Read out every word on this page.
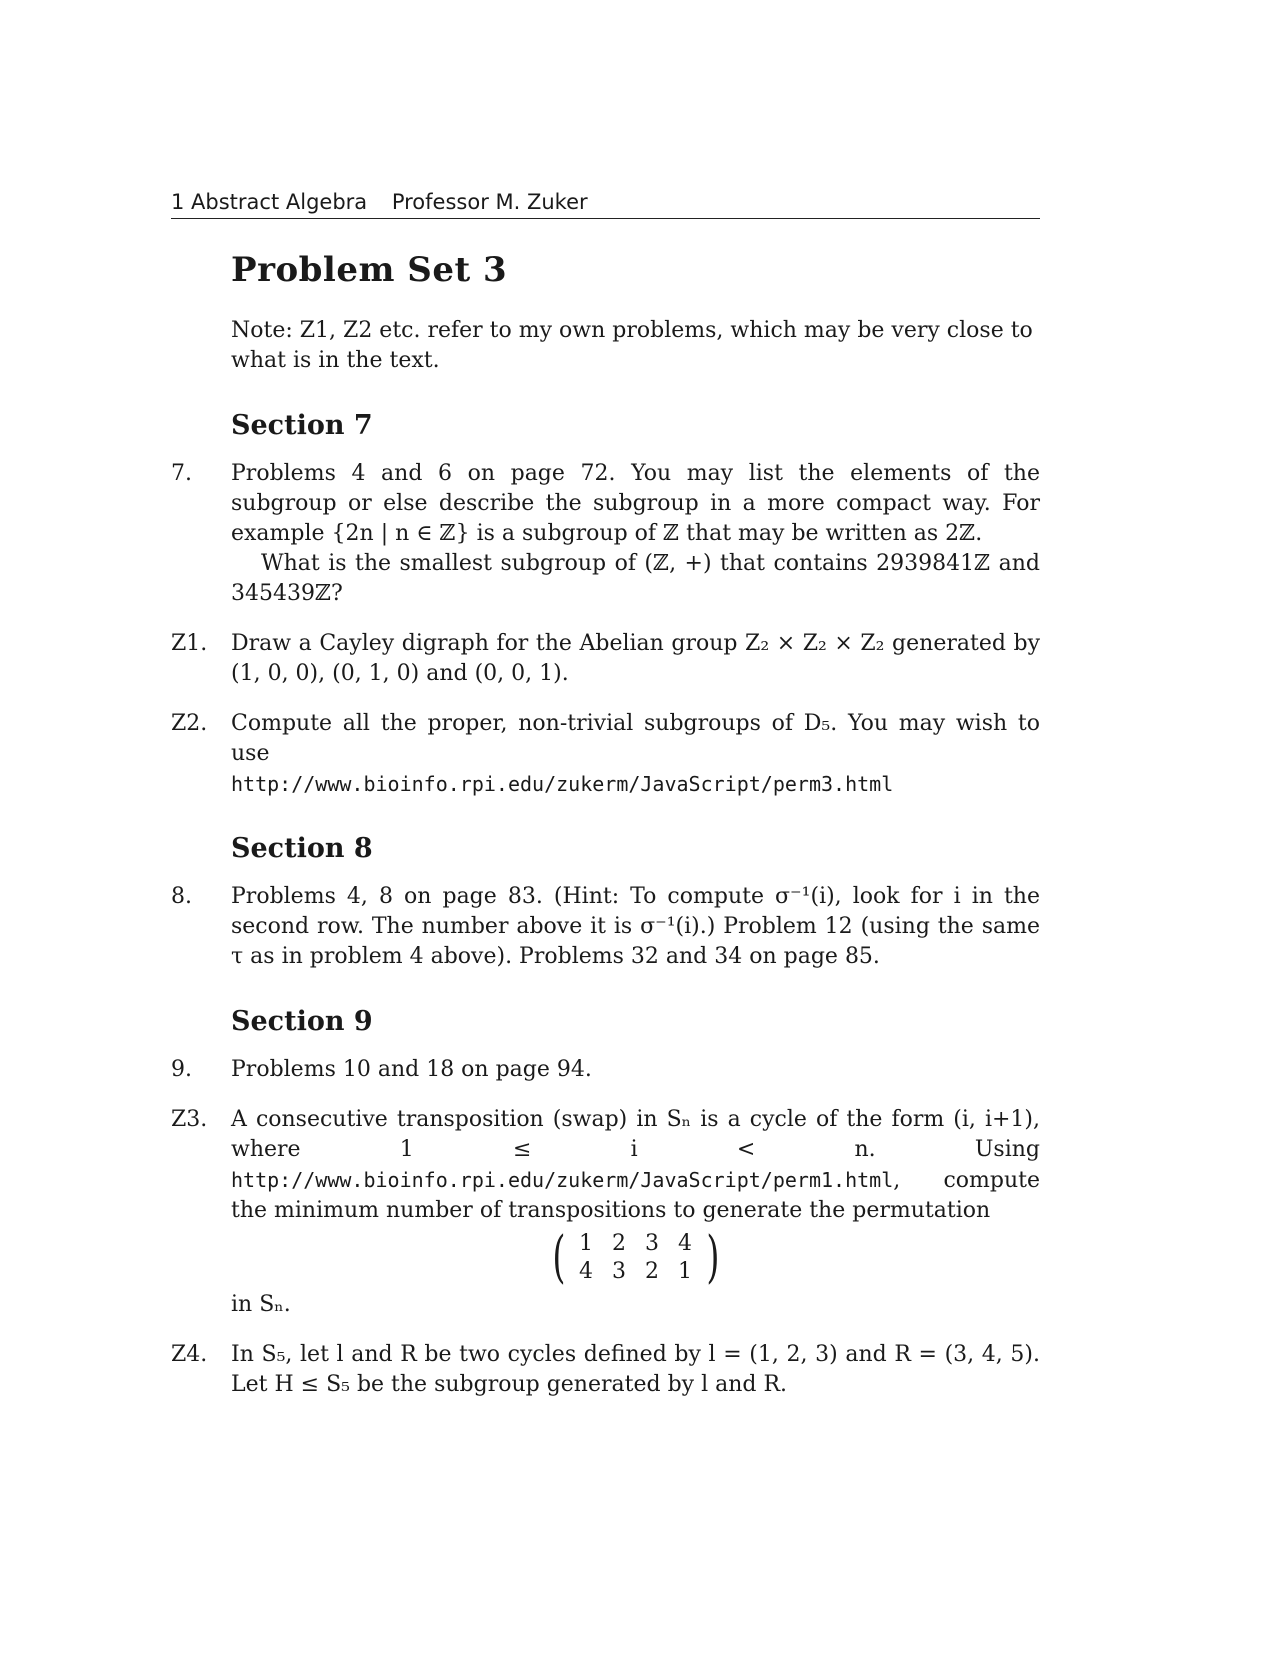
1 Abstract Algebra Professor M. Zuker
Problem Set 3

Note: Z1, Z2 etc. refer to my own problems, which may be very close to what is in the text.

Section 7
7. Problems 4 and 6 on page 72. You may list the elements of the subgroup or else describe the subgroup in a more compact way. For example {2n | n ∈ ℤ} is a subgroup of ℤ that may be written as 2ℤ.
What is the smallest subgroup of (ℤ, +) that contains 2939841ℤ and 345439ℤ?
Z1. Draw a Cayley digraph for the Abelian group Z₂ × Z₂ × Z₂ generated by (1, 0, 0), (0, 1, 0) and (0, 0, 1).
Z2. Compute all the proper, non-trivial subgroups of D₅. You may wish to use
http://www.bioinfo.rpi.edu/zukerm/JavaScript/perm3.html
Section 8
8. Problems 4, 8 on page 83. (Hint: To compute σ⁻¹(i), look for i in the second row. The number above it is σ⁻¹(i).) Problem 12 (using the same τ as in problem 4 above). Problems 32 and 34 on page 85.
Section 9
9. Problems 10 and 18 on page 94.
Z3. A consecutive transposition (swap) in Sₙ is a cycle of the form (i, i+1), where 1 ≤ i < n. Using http://www.bioinfo.rpi.edu/zukerm/JavaScript/perm1.html, compute the minimum number of transpositions to generate the permutation
( 1 2 3 4
4 3 2 1 )
in Sₙ.
Z4. In S₅, let l and R be two cycles defined by l = (1, 2, 3) and R = (3, 4, 5). Let H ≤ S₅ be the subgroup generated by l and R.
